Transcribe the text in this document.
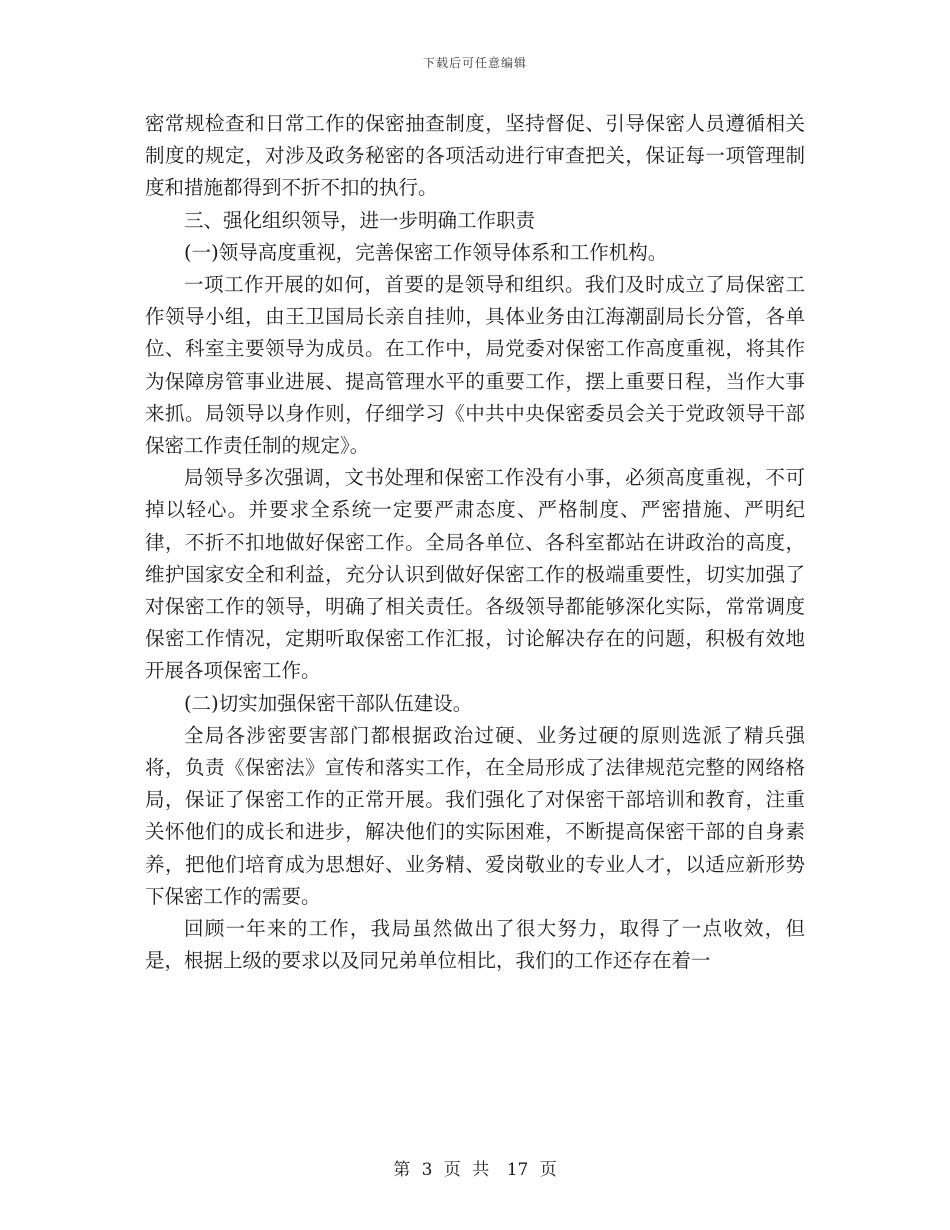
下载后可任意编辑

密常规检查和日常工作的保密抽查制度，坚持督促、引导保密人员遵循相关制度的规定，对涉及政务秘密的各项活动进行审查把关，保证每一项管理制度和措施都得到不折不扣的执行。

三、强化组织领导，进一步明确工作职责

(一)领导高度重视，完善保密工作领导体系和工作机构。

一项工作开展的如何，首要的是领导和组织。我们及时成立了局保密工作领导小组，由王卫国局长亲自挂帅，具体业务由江海潮副局长分管，各单位、科室主要领导为成员。在工作中，局党委对保密工作高度重视，将其作为保障房管事业进展、提高管理水平的重要工作，摆上重要日程，当作大事来抓。局领导以身作则，仔细学习《中共中央保密委员会关于党政领导干部保密工作责任制的规定》。

局领导多次强调，文书处理和保密工作没有小事，必须高度重视，不可掉以轻心。并要求全系统一定要严肃态度、严格制度、严密措施、严明纪律，不折不扣地做好保密工作。全局各单位、各科室都站在讲政治的高度，维护国家安全和利益，充分认识到做好保密工作的极端重要性，切实加强了对保密工作的领导，明确了相关责任。各级领导都能够深化实际，常常调度保密工作情况，定期听取保密工作汇报，讨论解决存在的问题，积极有效地开展各项保密工作。

(二)切实加强保密干部队伍建设。

全局各涉密要害部门都根据政治过硬、业务过硬的原则选派了精兵强将，负责《保密法》宣传和落实工作，在全局形成了法律规范完整的网络格局，保证了保密工作的正常开展。我们强化了对保密干部培训和教育，注重关怀他们的成长和进步，解决他们的实际困难，不断提高保密干部的自身素养，把他们培育成为思想好、业务精、爱岗敬业的专业人才，以适应新形势下保密工作的需要。

回顾一年来的工作，我局虽然做出了很大努力，取得了一点收效，但是，根据上级的要求以及同兄弟单位相比，我们的工作还存在着一

第 3 页 共 17 页
